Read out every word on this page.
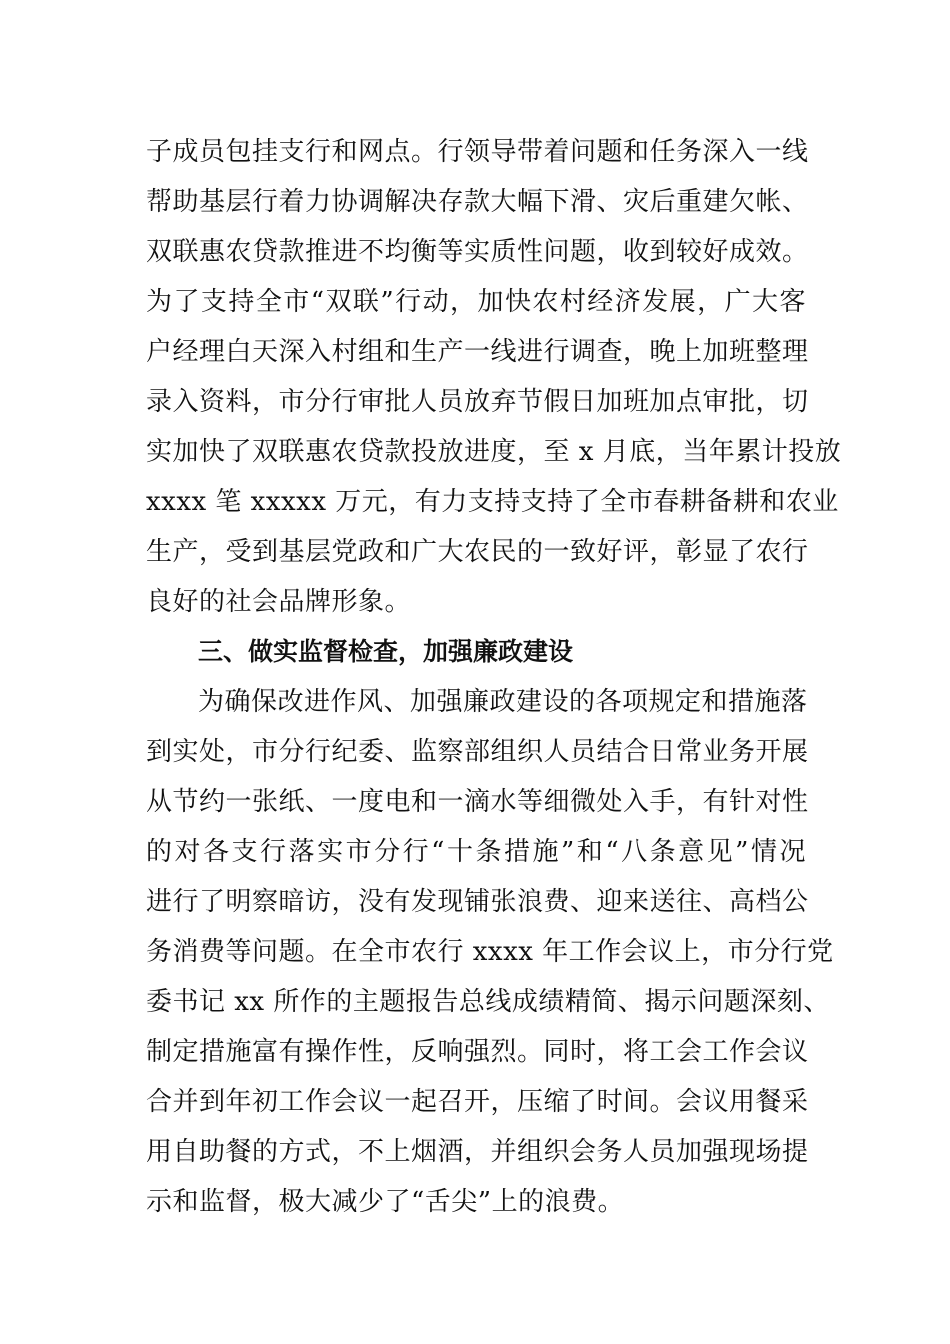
子成员包挂支行和网点。行领导带着问题和任务深入一线
帮助基层行着力协调解决存款大幅下滑、灾后重建欠帐、
双联惠农贷款推进不均衡等实质性问题，收到较好成效。
为了支持全市“双联”行动，加快农村经济发展，广大客
户经理白天深入村组和生产一线进行调查，晚上加班整理
录入资料，市分行审批人员放弃节假日加班加点审批，切
实加快了双联惠农贷款投放进度，至 x 月底，当年累计投放
xxxx 笔 xxxxx 万元，有力支持支持了全市春耕备耕和农业
生产，受到基层党政和广大农民的一致好评，彰显了农行
良好的社会品牌形象。
三、做实监督检查，加强廉政建设
为确保改进作风、加强廉政建设的各项规定和措施落
到实处，市分行纪委、监察部组织人员结合日常业务开展
从节约一张纸、一度电和一滴水等细微处入手，有针对性
的对各支行落实市分行“十条措施”和“八条意见”情况
进行了明察暗访，没有发现铺张浪费、迎来送往、高档公
务消费等问题。在全市农行 xxxx 年工作会议上，市分行党
委书记 xx 所作的主题报告总线成绩精简、揭示问题深刻、
制定措施富有操作性，反响强烈。同时，将工会工作会议
合并到年初工作会议一起召开，压缩了时间。会议用餐采
用自助餐的方式，不上烟酒，并组织会务人员加强现场提
示和监督，极大减少了“舌尖”上的浪费。
